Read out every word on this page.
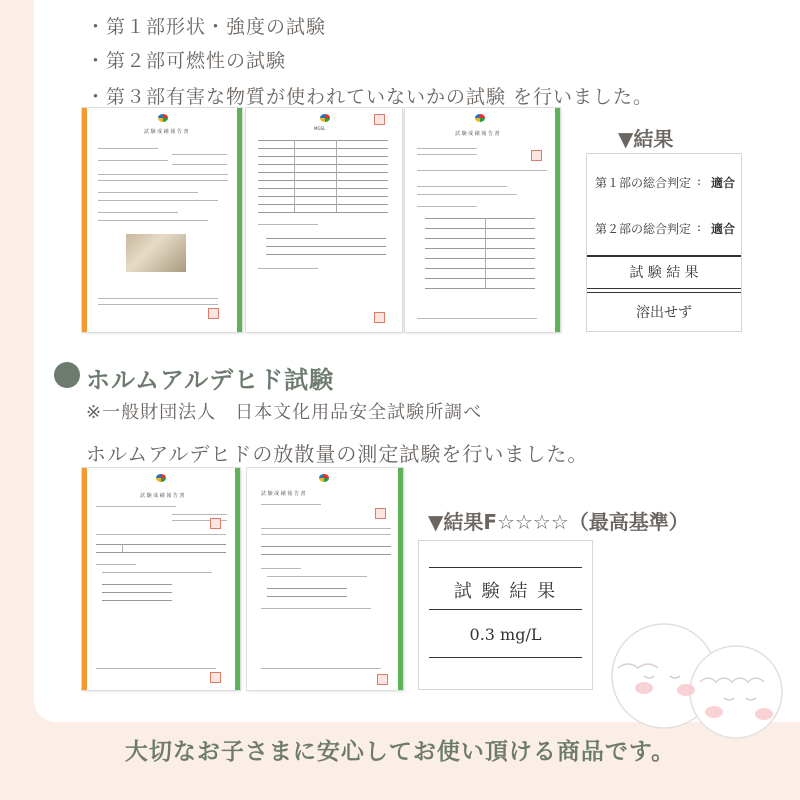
・第１部形状・強度の試験
・第２部可燃性の試験
・第３部有害な物質が使われていないかの試験 を行いました。
試 験 成 績 報 告 書
MGSL
試 験 成 績 報 告 書	▼結果
第１部の総合判定 : 適合
第２部の総合判定 : 適合
試 験 結 果
溶出せず
ホルムアルデヒド試験
※一般財団法人　日本文化用品安全試験所調べ
ホルムアルデヒドの放散量の測定試験を行いました。
試 験 成 績 報 告 書	試 験 成 績 報 告 書
▼結果F☆☆☆☆（最高基準）
試 験 結 果
0.3 mg/L
大切なお子さまに安心してお使い頂ける商品です。
